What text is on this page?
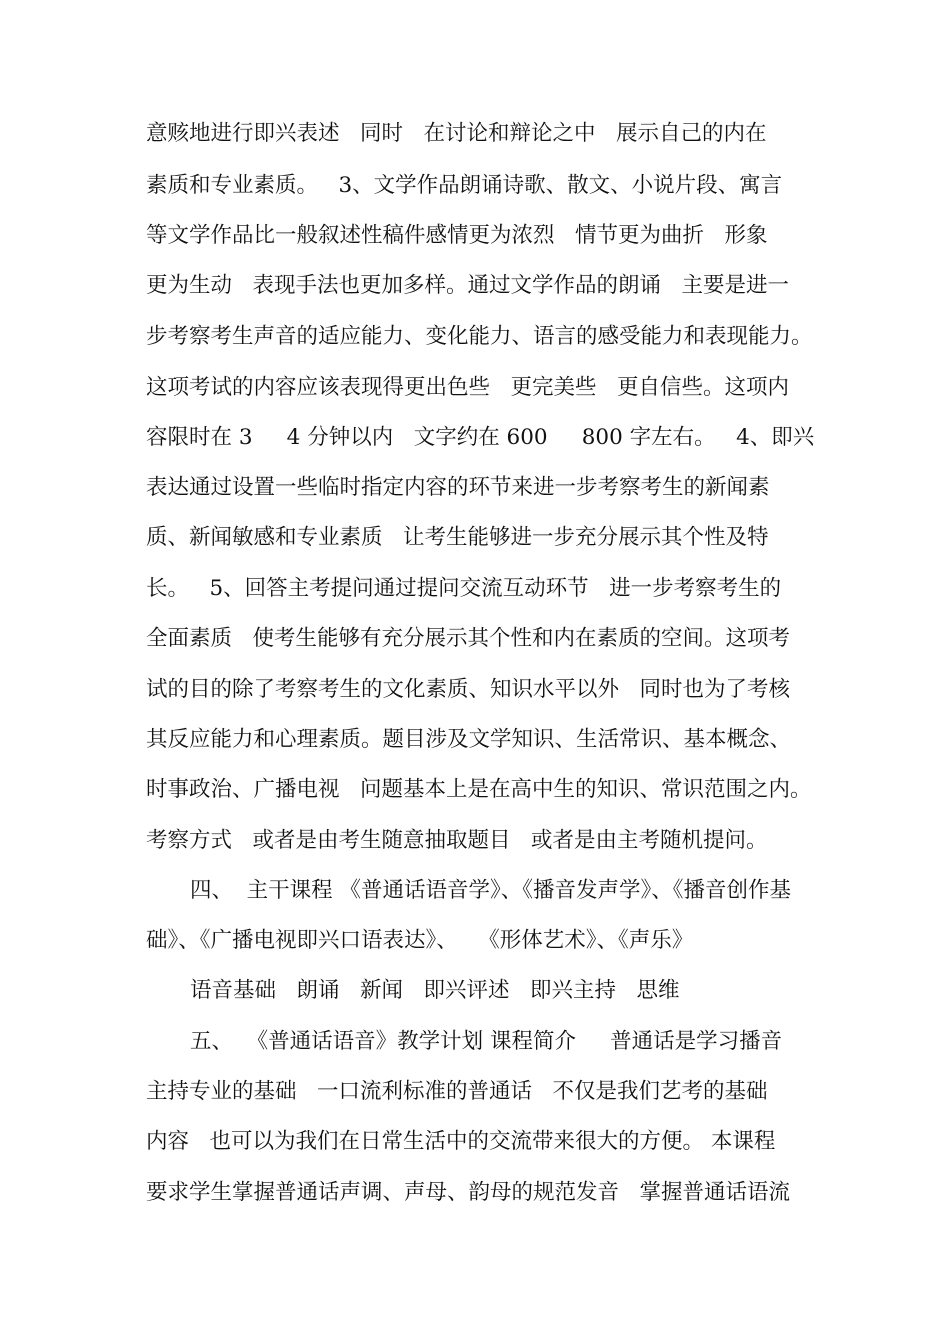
意赅地进行即兴表述   同时   在讨论和辩论之中   展示自己的内在
素质和专业素质。   3、文学作品朗诵诗歌、散文、小说片段、寓言
等文学作品比一般叙述性稿件感情更为浓烈   情节更为曲折   形象
更为生动   表现手法也更加多样。通过文学作品的朗诵   主要是进一
步考察考生声音的适应能力、变化能力、语言的感受能力和表现能力。
这项考试的内容应该表现得更出色些   更完美些   更自信些。这项内
容限时在 3     4 分钟以内   文字约在 600     800 字左右。   4、即兴
表达通过设置一些临时指定内容的环节来进一步考察考生的新闻素
质、新闻敏感和专业素质   让考生能够进一步充分展示其个性及特
长。   5、回答主考提问通过提问交流互动环节   进一步考察考生的
全面素质   使考生能够有充分展示其个性和内在素质的空间。这项考
试的目的除了考察考生的文化素质、知识水平以外   同时也为了考核
其反应能力和心理素质。题目涉及文学知识、生活常识、基本概念、
时事政治、广播电视   问题基本上是在高中生的知识、常识范围之内。
考察方式   或者是由考生随意抽取题目   或者是由主考随机提问。
四、  主干课程 《普通话语音学》、《播音发声学》、《播音创作基
础》、《广播电视即兴口语表达》、   《形体艺术》、《声乐》
语音基础   朗诵   新闻   即兴评述   即兴主持   思维
五、  《普通话语音》教学计划 课程简介     普通话是学习播音
主持专业的基础   一口流利标准的普通话   不仅是我们艺考的基础
内容   也可以为我们在日常生活中的交流带来很大的方便。 本课程
要求学生掌握普通话声调、声母、韵母的规范发音   掌握普通话语流
